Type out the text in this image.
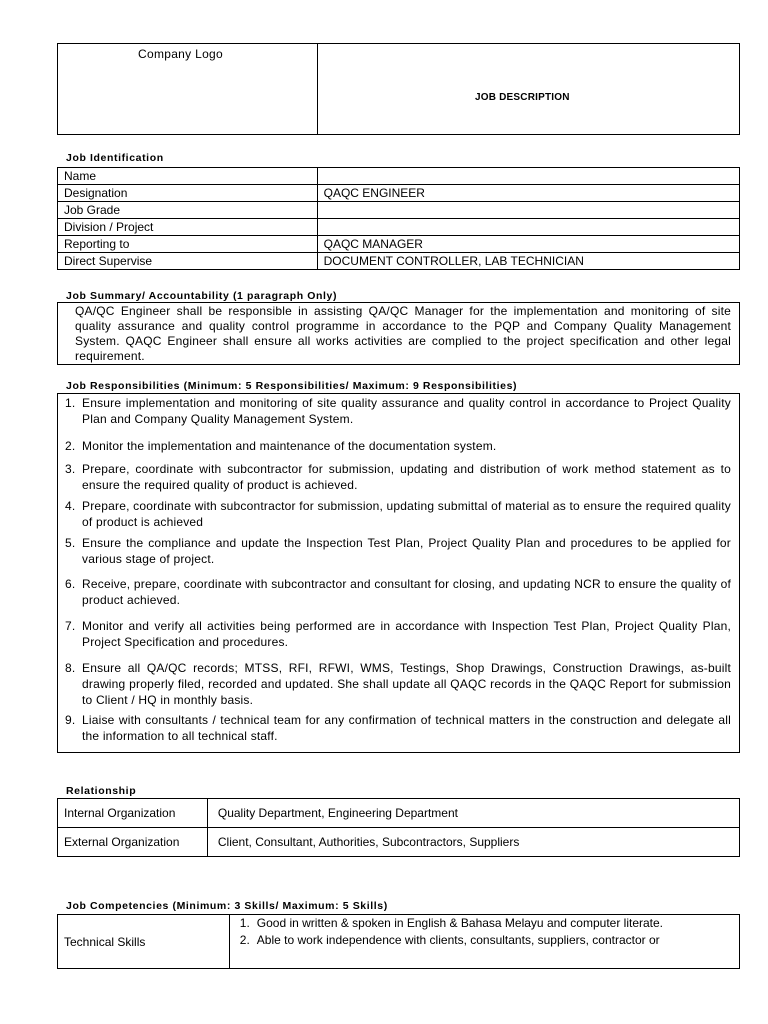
Company Logo
JOB DESCRIPTION
Job Identification
Name	
Designation	QAQC ENGINEER
Job Grade	
Division / Project	
Reporting to	QAQC MANAGER
Direct Supervise	DOCUMENT CONTROLLER, LAB TECHNICIAN
Job Summary/ Accountability (1 paragraph Only)

QA/QC Engineer shall be responsible in assisting QA/QC Manager for the implementation and monitoring of site quality assurance and quality control programme in accordance to the PQP and Company Quality Management System. QAQC Engineer shall ensure all works activities are complied to the project specification and other legal requirement.

Job Responsibilities (Minimum: 5 Responsibilities/ Maximum: 9 Responsibilities)
1. Ensure implementation and monitoring of site quality assurance and quality control in accordance to Project Quality Plan and Company Quality Management System.
2. Monitor the implementation and maintenance of the documentation system.
3. Prepare, coordinate with subcontractor for submission, updating and distribution of work method statement as to ensure the required quality of product is achieved.
4. Prepare, coordinate with subcontractor for submission, updating submittal of material as to ensure the required quality of product is achieved
5. Ensure the compliance and update the Inspection Test Plan, Project Quality Plan and procedures to be applied for various stage of project.
6. Receive, prepare, coordinate with subcontractor and consultant for closing, and updating NCR to ensure the quality of product achieved.
7. Monitor and verify all activities being performed are in accordance with Inspection Test Plan, Project Quality Plan, Project Specification and procedures.
8. Ensure all QA/QC records; MTSS, RFI, RFWI, WMS, Testings, Shop Drawings, Construction Drawings, as-built drawing properly filed, recorded and updated. She shall update all QAQC records in the QAQC Report for submission to Client / HQ in monthly basis.
9. Liaise with consultants / technical team for any confirmation of technical matters in the construction and delegate all the information to all technical staff.
Relationship
Internal Organization	Quality Department, Engineering Department
External Organization	Client, Consultant, Authorities, Subcontractors, Suppliers
Job Competencies (Minimum: 3 Skills/ Maximum: 5 Skills)
Technical Skills	
1. Good in written & spoken in English & Bahasa Melayu and computer literate.
2. Able to work independence with clients, consultants, suppliers, contractor or
